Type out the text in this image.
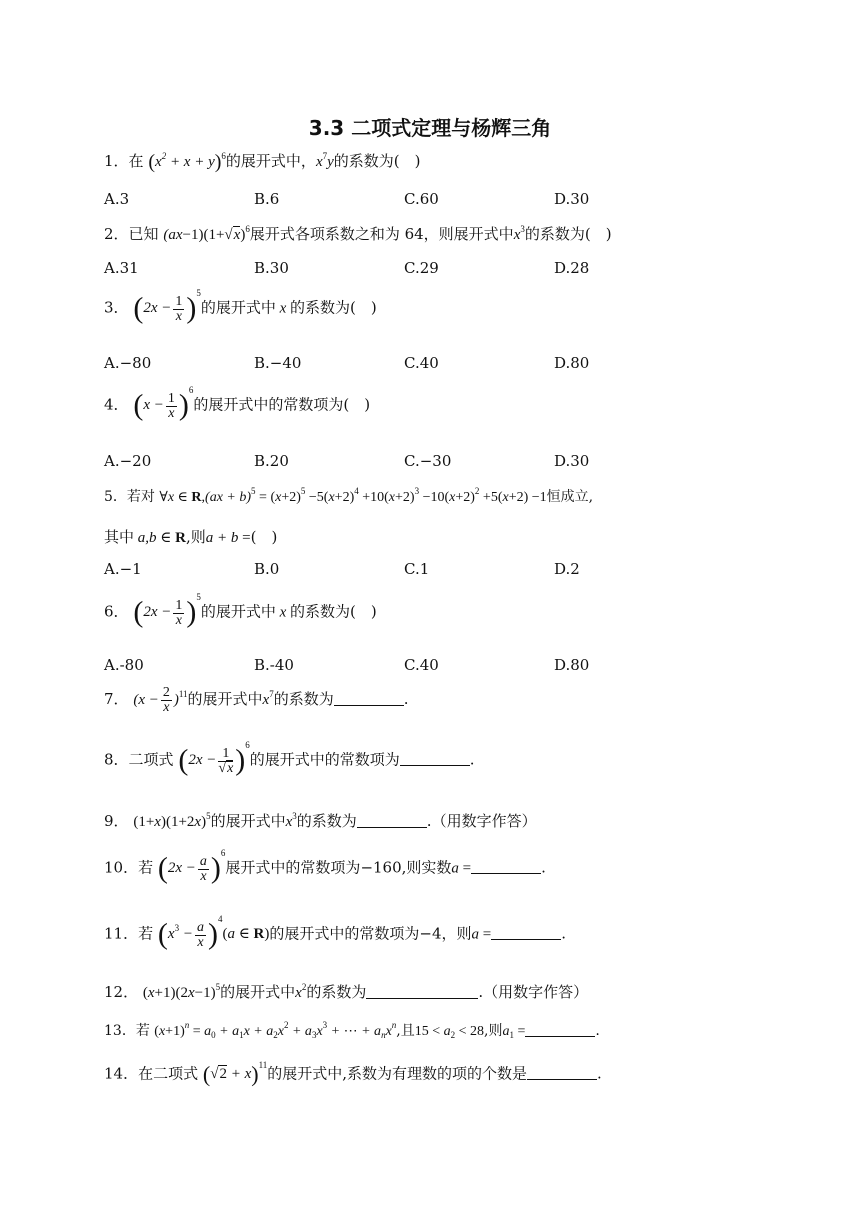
3.3 二项式定理与杨辉三角
1．在 $(x^2 + x + y)^6$的展开式中，$x^7y$的系数为(　)
A.3	B.6	C.60	D.30
2．已知 $(ax-1)(1+√x)^6$展开式各项系数之和为 64，则展开式中$x^3$的系数为(　)
A.31	B.30	C.29	D.28
3． $(2x - \frac{1}{x} )^5$的展开式中 x 的系数为(　)
A.−80	B.−40	C.40	D.80
4． $(x - \frac{1}{x} )^6$的展开式中的常数项为(　)
A.−20	B.20	C.−30	D.30
5．若对 ∀x ∈ $R,(ax + b)^5 = (x+2)^5 -5(x+2)^4 +10(x+2)^3 -10(x+2)^2 +5(x+2) -1$恒成立,
其中 a,b ∈ R,则a + b =(　)
A.−1	B.0	C.1	D.2
6． $(2x - \frac{1}{x} )^5$的展开式中 x 的系数为(　)
A.-80	B.-40	C.40	D.80
7． $(x - \frac{2}{x} )^{11}$的展开式中$x^7$的系数为	.
8．二项式 $(2x - \frac{1}{√x} )^6$的展开式中的常数项为	.
9． $(1+x)(1+2x)^5$的展开式中$x^3$的系数为	.（用数字作答）
10．若 $(2x - \frac{a}{x} )^6$展开式中的常数项为−160,则实数a =	.
11．若 $(x^3 - \frac{a}{x} )^4(a$ ∈ R)的展开式中的常数项为−4，则a =	.
12． $(x+1)(2x-1)^5$的展开式中$x^2$的系数为	.（用数字作答）
13．若 $(x+1)^n = a_0 + a_1x + a_2x^2 + a_3x^3$ + ⋯ + $a_nx^n$,且$15 < a_2 < 28$,则$a_1$ =	.
14．在二项式 $(√2 + x)^{11}$的展开式中,系数为有理数的项的个数是	.
